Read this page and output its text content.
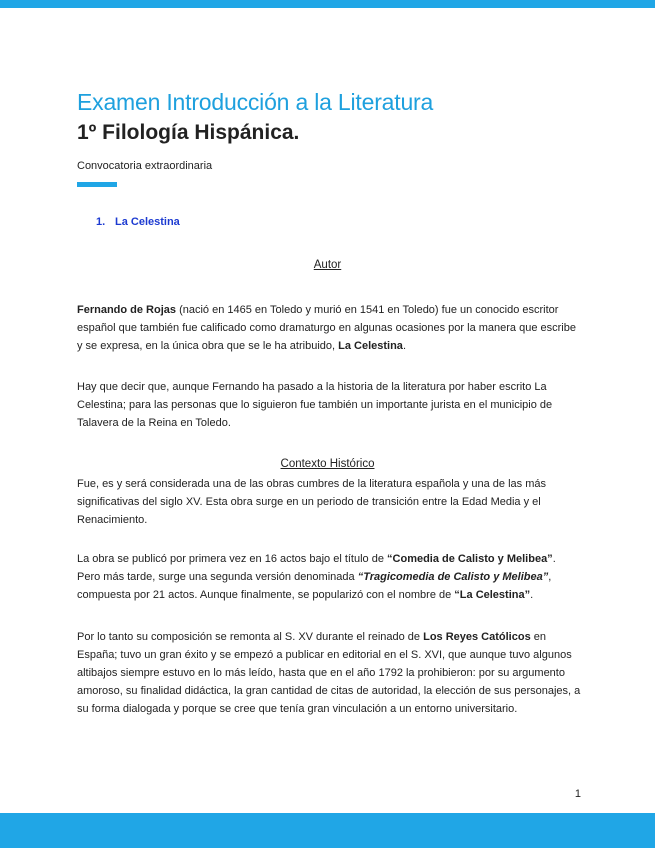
Examen Introducción a la Literatura
1º Filología Hispánica.
Convocatoria extraordinaria
1. La Celestina
Autor
Fernando de Rojas (nació en 1465 en Toledo y murió en 1541 en Toledo) fue un conocido escritor español que también fue calificado como dramaturgo en algunas ocasiones por la manera que escribe y se expresa, en la única obra que se le ha atribuido, La Celestina.
Hay que decir que, aunque Fernando ha pasado a la historia de la literatura por haber escrito La Celestina; para las personas que lo siguieron fue también un importante jurista en el municipio de Talavera de la Reina en Toledo.
Contexto Histórico
Fue, es y será considerada una de las obras cumbres de la literatura española y una de las más significativas del siglo XV. Esta obra surge en un periodo de transición entre la Edad Media y el Renacimiento.
La obra se publicó por primera vez en 16 actos bajo el título de “Comedia de Calisto y Melibea”. Pero más tarde, surge una segunda versión denominada “Tragicomedia de Calisto y Melibea”, compuesta por 21 actos. Aunque finalmente, se popularizó con el nombre de “La Celestina”.
Por lo tanto su composición se remonta al S. XV durante el reinado de Los Reyes Católicos en España; tuvo un gran éxito y se empezó a publicar en editorial en el S. XVI, que aunque tuvo algunos altibajos siempre estuvo en lo más leído, hasta que en el año 1792 la prohibieron: por su argumento amoroso, su finalidad didáctica, la gran cantidad de citas de autoridad, la elección de sus personajes, a su forma dialogada y porque se cree que tenía gran vinculación a un entorno universitario.
1
